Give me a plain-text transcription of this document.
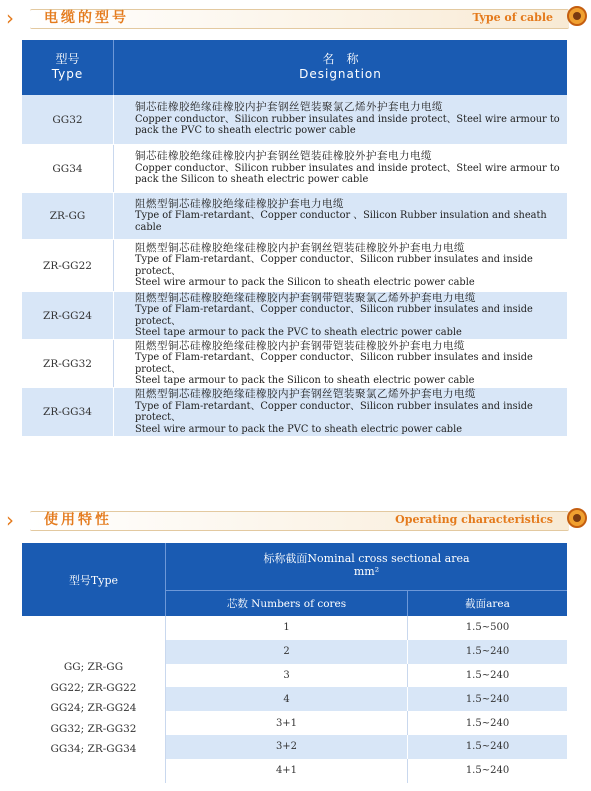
› 电缆的型号	Type of cable
型号
Type
名　称
Designation
GG32
铜芯硅橡胶绝缘硅橡胶内护套钢丝铠装聚氯乙烯外护套电力电缆
Copper conductor、Silicon rubber insulates and inside protect、Steel wire armour to
pack the PVC to sheath electric power cable
GG34
铜芯硅橡胶绝缘硅橡胶内护套钢丝铠装硅橡胶外护套电力电缆
Copper conductor、Silicon rubber insulates and inside protect、Steel wire armour to
pack the Silicon to sheath electric power cable
ZR-GG
阻燃型铜芯硅橡胶绝缘硅橡胶护套电力电缆
Type of Flam-retardant、Copper conductor 、Silicon Rubber insulation and sheath cable
ZR-GG22
阻燃型铜芯硅橡胶绝缘硅橡胶内护套钢丝铠装硅橡胶外护套电力电缆
Type of Flam-retardant、Copper conductor、Silicon rubber insulates and inside protect、
Steel wire armour to pack the Silicon to sheath electric power cable
ZR-GG24
阻燃型铜芯硅橡胶绝缘硅橡胶内护套钢带铠装聚氯乙烯外护套电力电缆
Type of Flam-retardant、Copper conductor、Silicon rubber insulates and inside protect、
Steel tape armour to pack the PVC to sheath electric power cable
ZR-GG32
阻燃型铜芯硅橡胶绝缘硅橡胶内护套钢带铠装硅橡胶外护套电力电缆
Type of Flam-retardant、Copper conductor、Silicon rubber insulates and inside protect、
Steel tape armour to pack the Silicon to sheath electric power cable
ZR-GG34
阻燃型铜芯硅橡胶绝缘硅橡胶内护套钢丝铠装聚氯乙烯外护套电力电缆
Type of Flam-retardant、Copper conductor、Silicon rubber insulates and inside protect、
Steel wire armour to pack the PVC to sheath electric power cable
› 使用特性	Operating characteristics
型号Type
标称截面Nominal cross sectional area
mm²
芯数 Numbers of cores	截面area
GG; ZR-GG
GG22; ZR-GG22
GG24; ZR-GG24
GG32; ZR-GG32
GG34; ZR-GG34
1	1.5~500
2	1.5~240
3	1.5~240
4	1.5~240
3+1	1.5~240
3+2	1.5~240
4+1	1.5~240
